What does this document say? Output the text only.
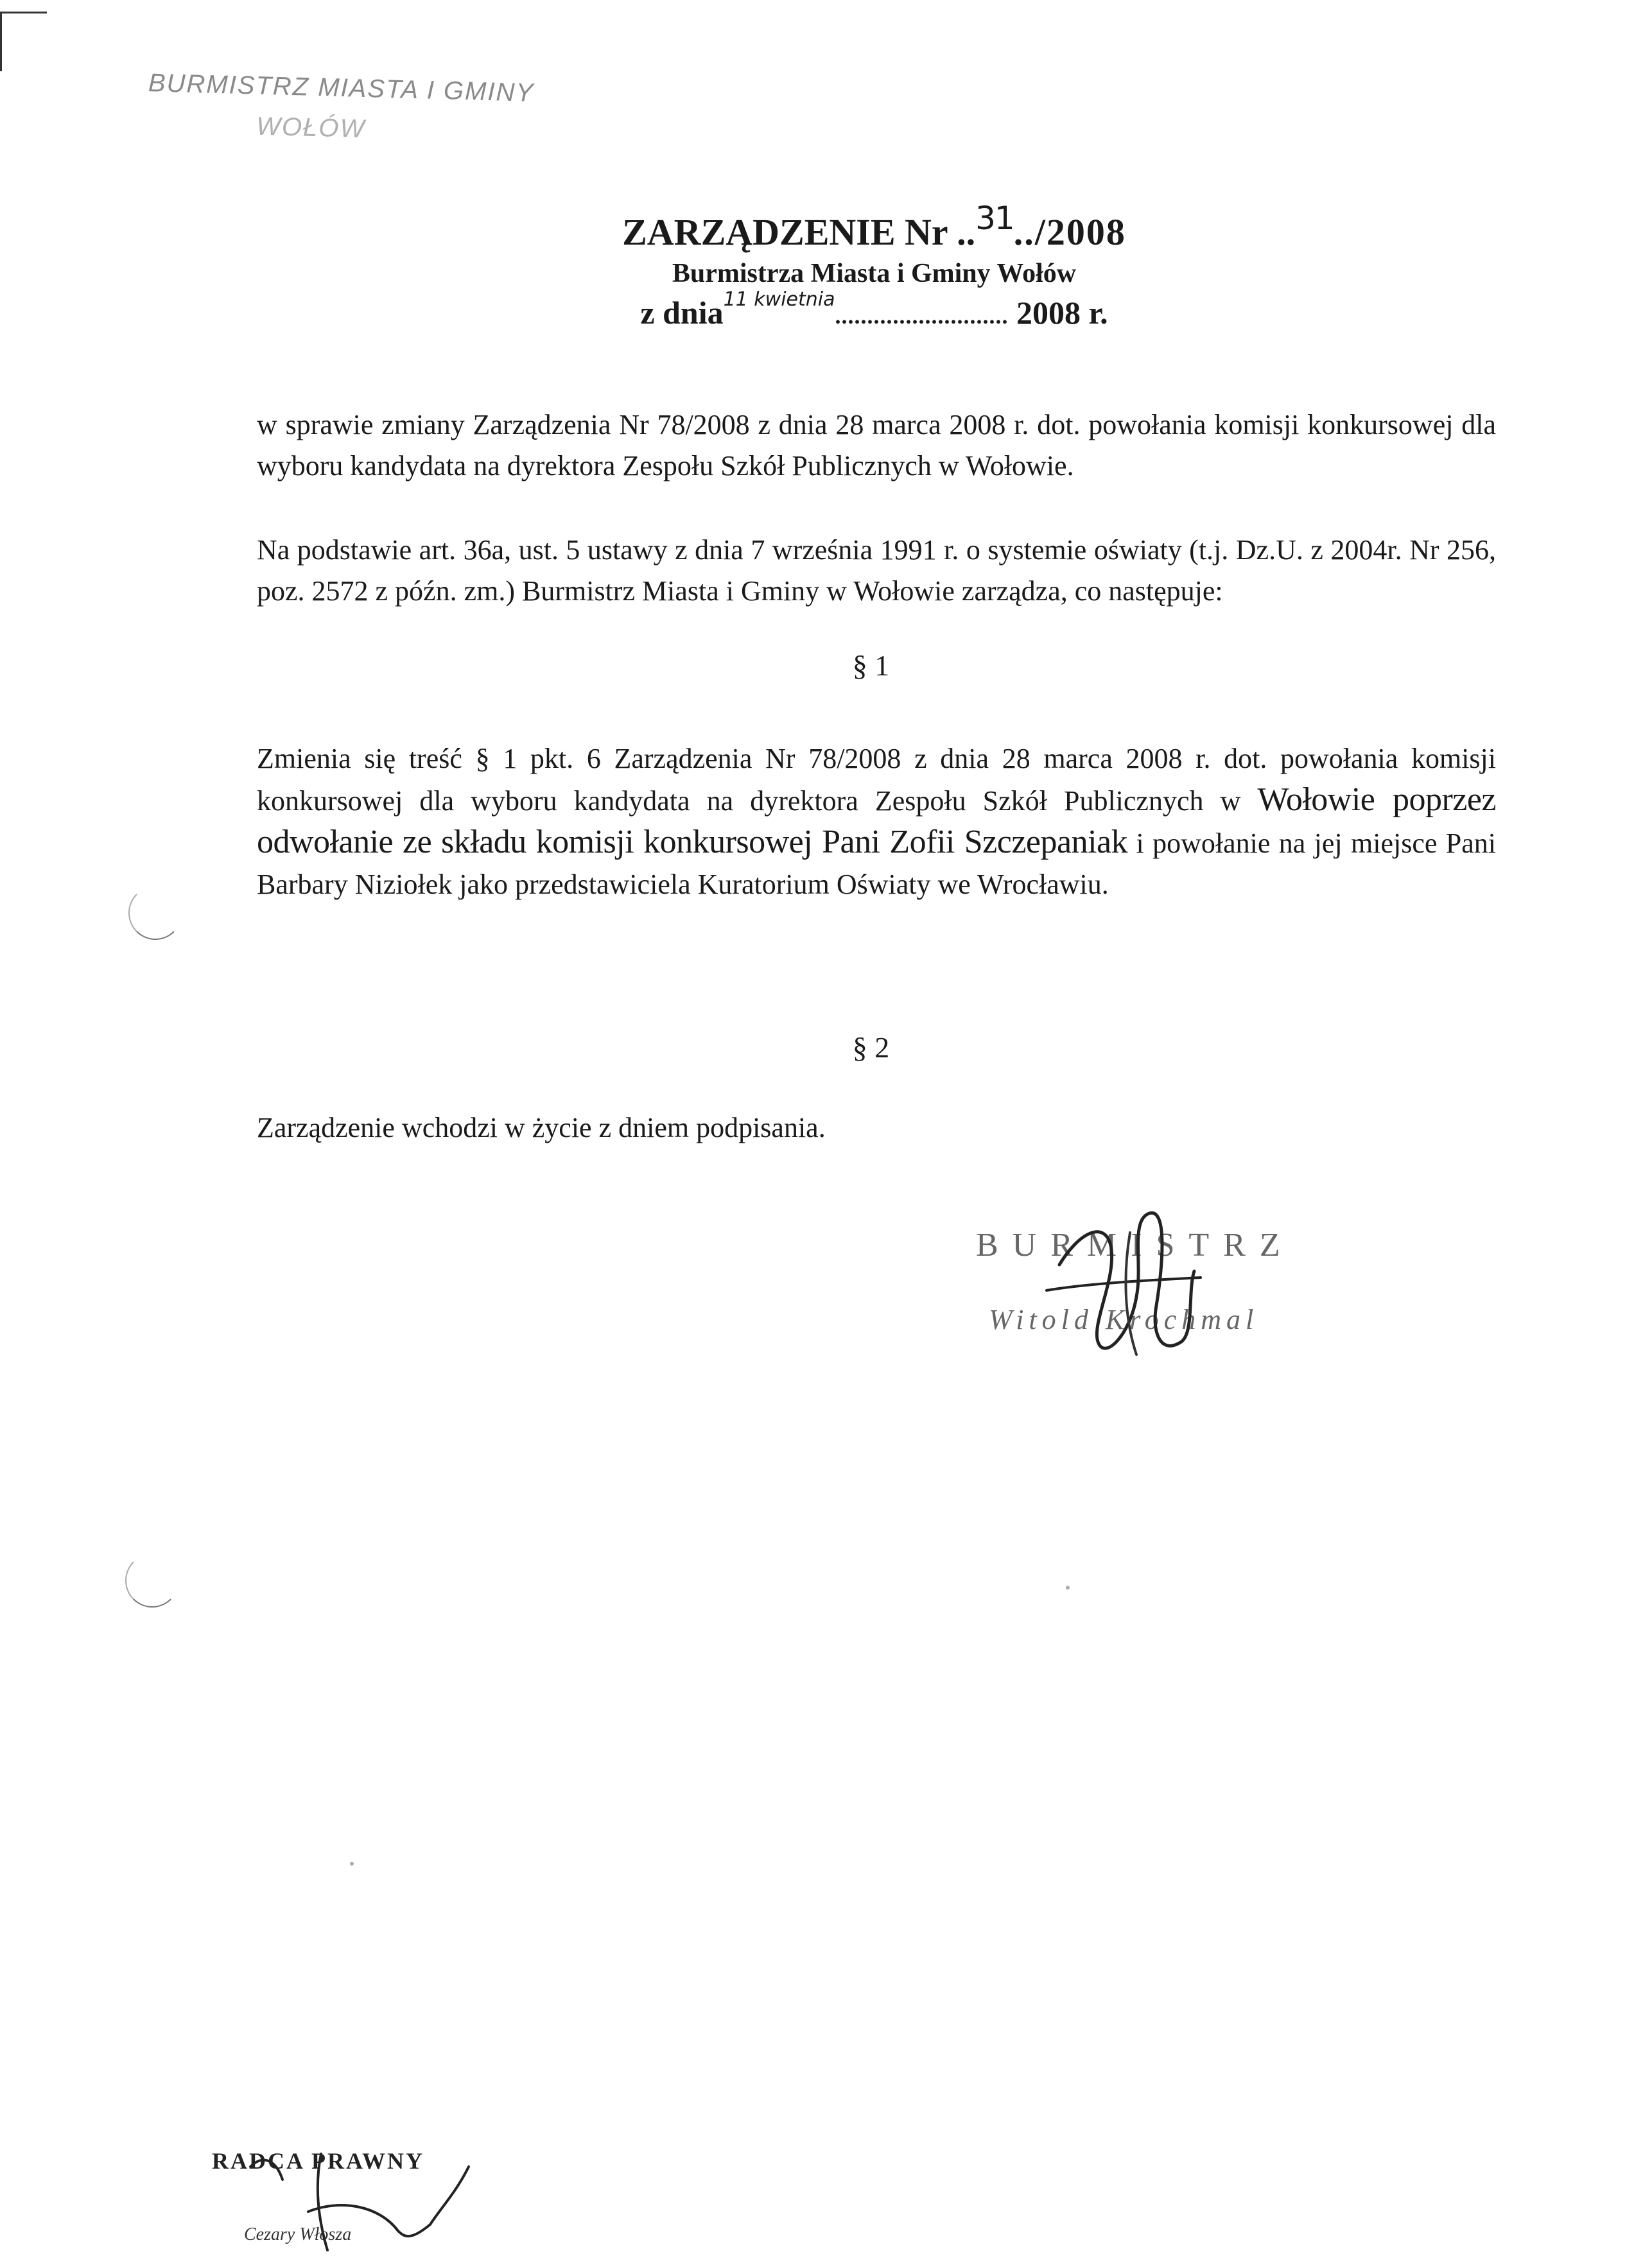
BURMISTRZ MIASTA I GMINY
WOŁÓW
ZARZĄDZENIE Nr ..31../2008
Burmistrza Miasta i Gminy Wołów
z dnia$^{11 kwietnia}$........................... 2008 r.
w sprawie zmiany Zarządzenia Nr 78/2008 z dnia 28 marca 2008 r. dot. powołania komisji konkursowej dla wyboru kandydata na dyrektora Zespołu Szkół Publicznych w Wołowie.
Na podstawie art. 36a, ust. 5 ustawy z dnia 7 września 1991 r. o systemie oświaty (t.j. Dz.U. z 2004r. Nr 256, poz. 2572 z późn. zm.) Burmistrz Miasta i Gminy w Wołowie zarządza, co następuje:
§ 1
Zmienia się treść § 1 pkt. 6 Zarządzenia Nr 78/2008 z dnia 28 marca 2008 r. dot. powołania komisji konkursowej dla wyboru kandydata na dyrektora Zespołu Szkół Publicznych w Wołowie poprzez odwołanie ze składu komisji konkursowej Pani Zofii Szczepaniak i powołanie na jej miejsce Pani Barbary Niziołek jako przedstawiciela Kuratorium Oświaty we Wrocławiu.
§ 2
Zarządzenie wchodzi w życie z dniem podpisania.
BURMISTRZ
Witold Krochmal
RADCA PRAWNY
Cezary Włosza
